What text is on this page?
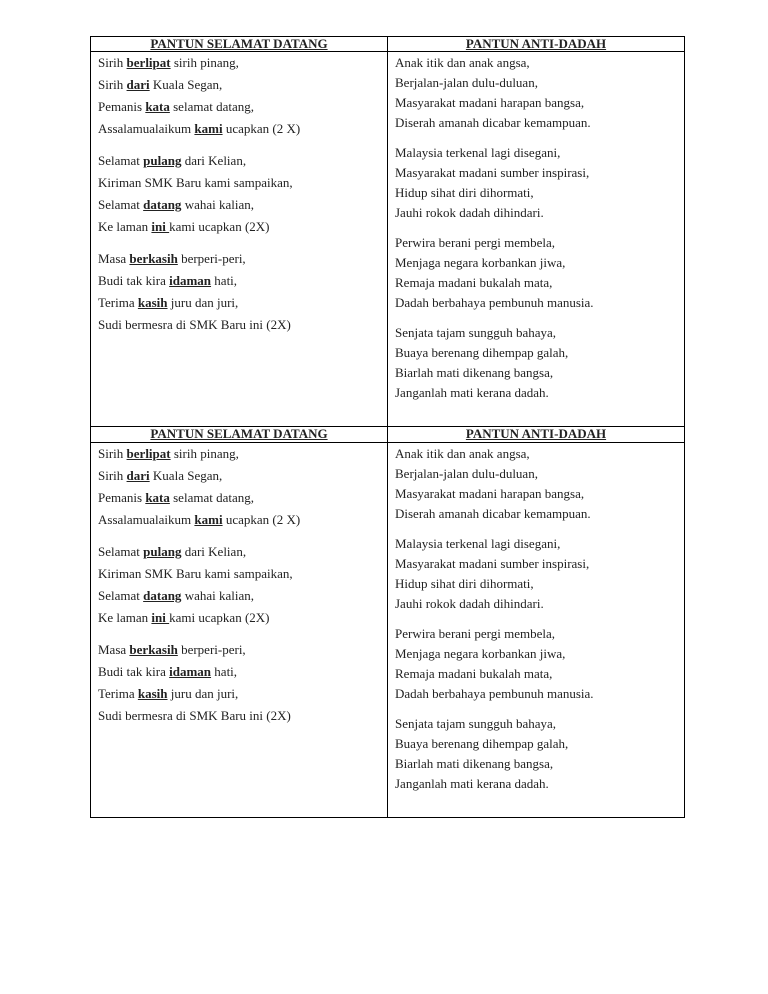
PANTUN SELAMAT DATANG	PANTUN ANTI-DADAH
Sirih berlipat sirih pinang,
Sirih dari Kuala Segan,
Pemanis kata selamat datang,
Assalamualaikum kami ucapkan (2 X)
Selamat pulang dari Kelian,
Kiriman SMK Baru kami sampaikan,
Selamat datang wahai kalian,
Ke laman ini kami ucapkan (2X)
Masa berkasih berperi-peri,
Budi tak kira idaman hati,
Terima kasih juru dan juri,
Sudi bermesra di SMK Baru ini (2X)
Anak itik dan anak angsa,
Berjalan-jalan dulu-duluan,
Masyarakat madani harapan bangsa,
Diserah amanah dicabar kemampuan.
Malaysia terkenal lagi disegani,
Masyarakat madani sumber inspirasi,
Hidup sihat diri dihormati,
Jauhi rokok dadah dihindari.
Perwira berani pergi membela,
Menjaga negara korbankan jiwa,
Remaja madani bukalah mata,
Dadah berbahaya pembunuh manusia.
Senjata tajam sungguh bahaya,
Buaya berenang dihempap galah,
Biarlah mati dikenang bangsa,
Janganlah mati kerana dadah.
PANTUN SELAMAT DATANG	PANTUN ANTI-DADAH
Sirih berlipat sirih pinang,
Sirih dari Kuala Segan,
Pemanis kata selamat datang,
Assalamualaikum kami ucapkan (2 X)
Selamat pulang dari Kelian,
Kiriman SMK Baru kami sampaikan,
Selamat datang wahai kalian,
Ke laman ini kami ucapkan (2X)
Masa berkasih berperi-peri,
Budi tak kira idaman hati,
Terima kasih juru dan juri,
Sudi bermesra di SMK Baru ini (2X)
Anak itik dan anak angsa,
Berjalan-jalan dulu-duluan,
Masyarakat madani harapan bangsa,
Diserah amanah dicabar kemampuan.
Malaysia terkenal lagi disegani,
Masyarakat madani sumber inspirasi,
Hidup sihat diri dihormati,
Jauhi rokok dadah dihindari.
Perwira berani pergi membela,
Menjaga negara korbankan jiwa,
Remaja madani bukalah mata,
Dadah berbahaya pembunuh manusia.
Senjata tajam sungguh bahaya,
Buaya berenang dihempap galah,
Biarlah mati dikenang bangsa,
Janganlah mati kerana dadah.
